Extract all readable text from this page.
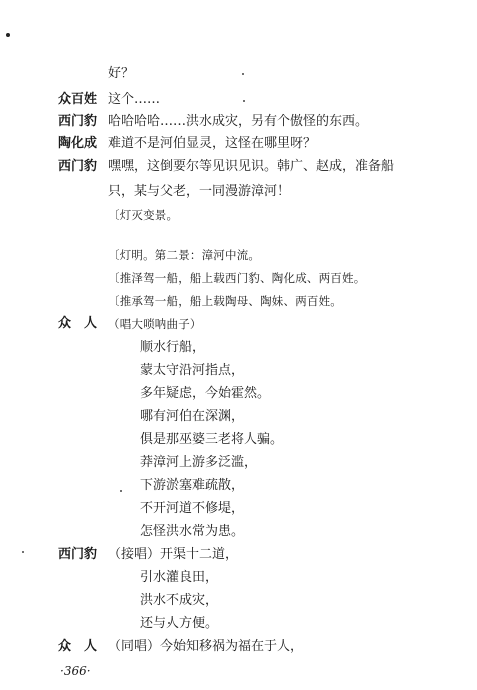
好？
众百姓 这个……
西门豹 哈哈哈哈……洪水成灾，另有个傲怪的东西。
陶化成 难道不是河伯显灵，这怪在哪里呀？
西门豹 嘿嘿，这倒要尔等见识见识。韩广、赵成，准备船
只，某与父老，一同漫游漳河！
〔灯灭变景。
〔灯明。第二景：漳河中流。
〔推泽驾一船，船上载西门豹、陶化成、两百姓。
〔推承驾一船，船上载陶母、陶妹、两百姓。
众　人 （唱大唢呐曲子）
顺水行船，
蒙太守沿河指点，
多年疑虑，今始霍然。
哪有河伯在深渊，
俱是那巫婆三老将人骗。
莽漳河上游多泛滥，
下游淤塞难疏散，
不开河道不修堤，
怎怪洪水常为患。
西门豹 （接唱）开渠十二道，
引水灌良田，
洪水不成灾，
还与人方便。
众　人 （同唱）今始知移祸为福在于人，
·366·
